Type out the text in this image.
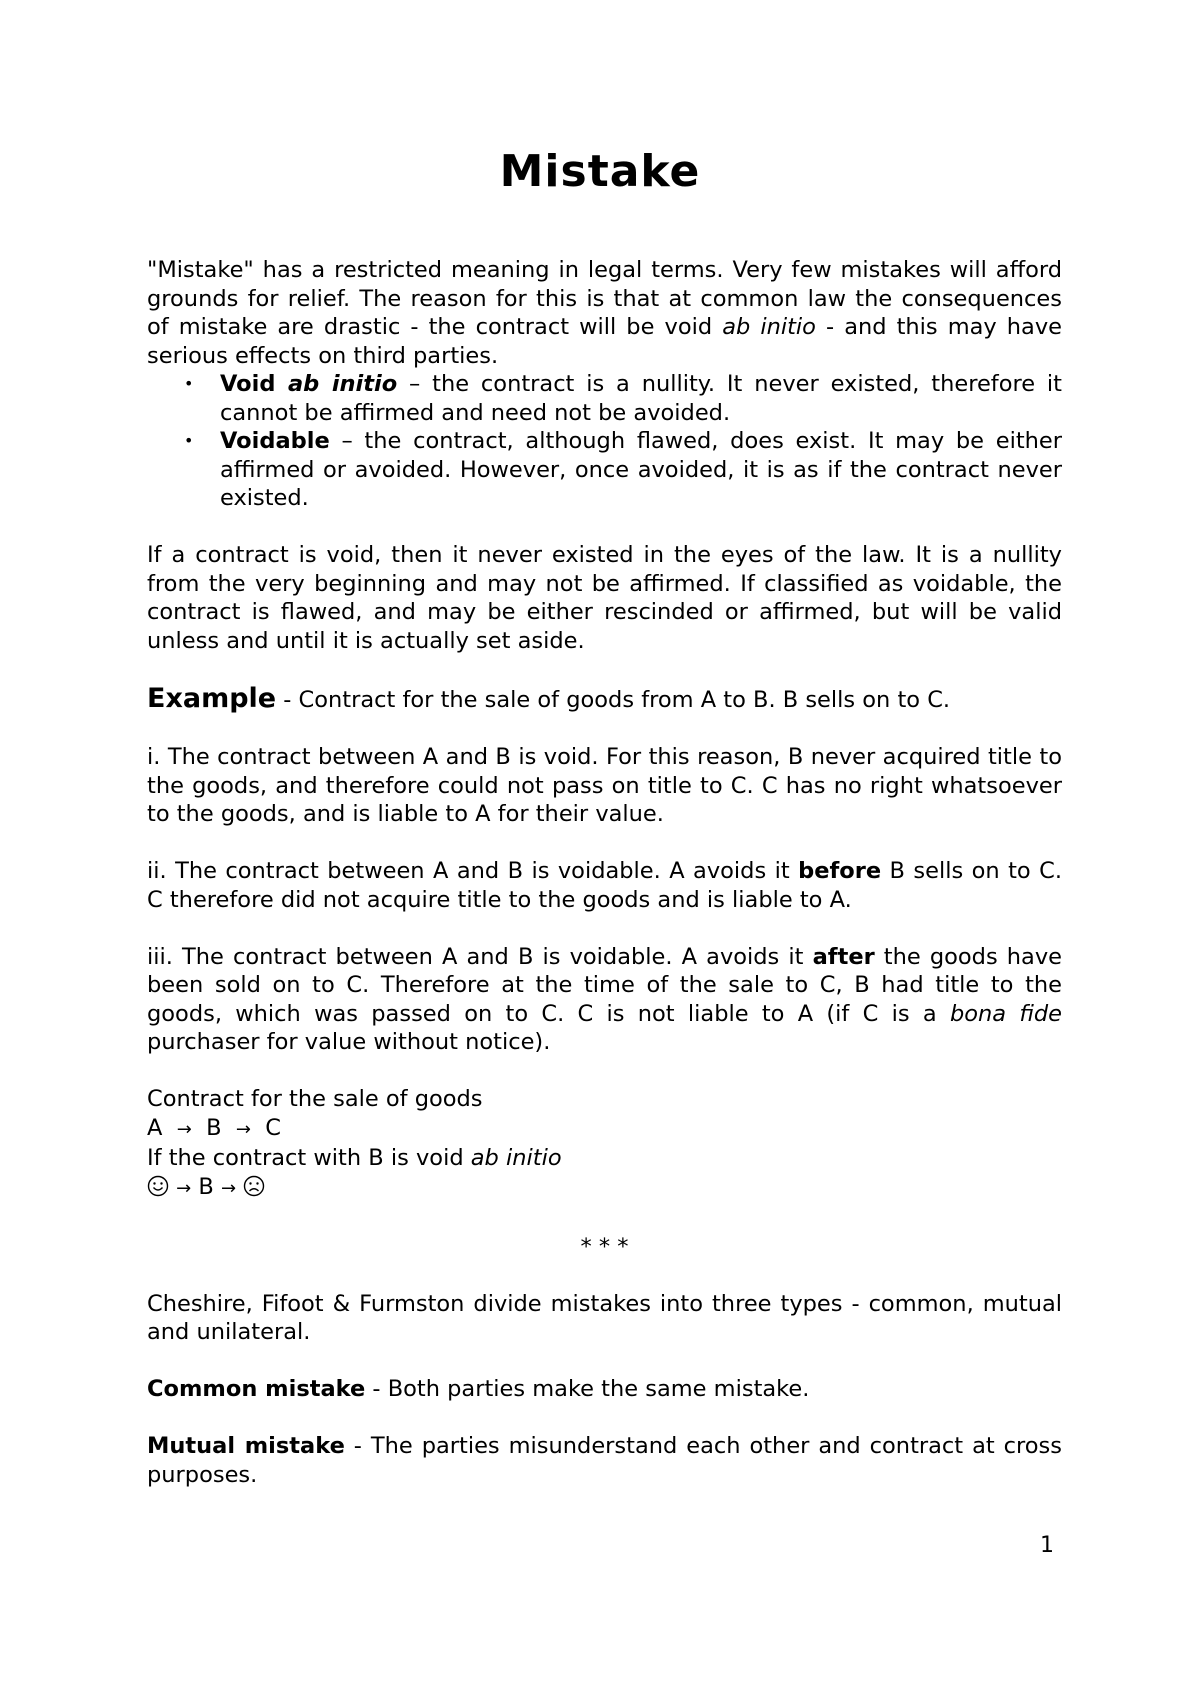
Mistake

"Mistake" has a restricted meaning in legal terms. Very few mistakes will afford grounds for relief. The reason for this is that at common law the consequences of mistake are drastic - the contract will be void ab initio - and this may have serious effects on third parties.

• Void ab initio – the contract is a nullity. It never existed, therefore it cannot be affirmed and need not be avoided.
• Voidable – the contract, although flawed, does exist. It may be either affirmed or avoided. However, once avoided, it is as if the contract never existed.

If a contract is void, then it never existed in the eyes of the law. It is a nullity from the very beginning and may not be affirmed. If classified as voidable, the contract is flawed, and may be either rescinded or affirmed, but will be valid unless and until it is actually set aside.

Example - Contract for the sale of goods from A to B. B sells on to C.

i. The contract between A and B is void. For this reason, B never acquired title to the goods, and therefore could not pass on title to C. C has no right whatsoever to the goods, and is liable to A for their value.

ii. The contract between A and B is voidable. A avoids it before B sells on to C. C therefore did not acquire title to the goods and is liable to A.

iii. The contract between A and B is voidable. A avoids it after the goods have been sold on to C. Therefore at the time of the sale to C, B had title to the goods, which was passed on to C. C is not liable to A (if C is a bona fide purchaser for value without notice).

Contract for the sale of goods

A → B → C

If the contract with B is void ab initio

→ B →

* * *

Cheshire, Fifoot & Furmston divide mistakes into three types - common, mutual and unilateral.

Common mistake - Both parties make the same mistake.

Mutual mistake - The parties misunderstand each other and contract at cross purposes.

1
